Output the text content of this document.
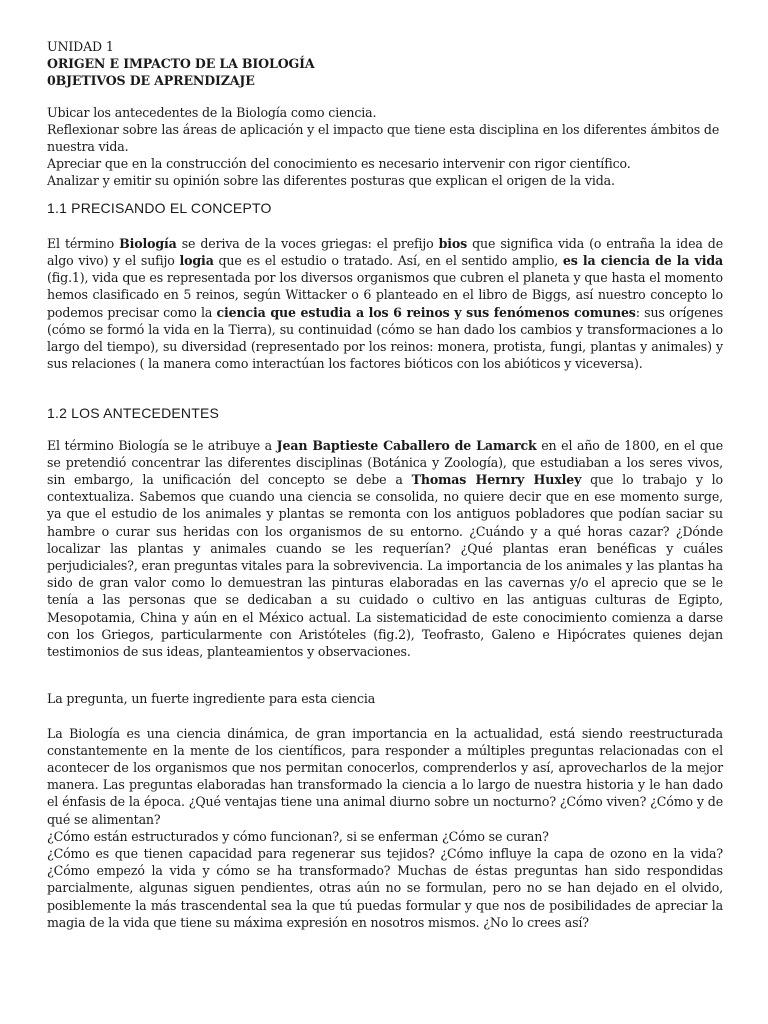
UNIDAD 1

ORIGEN E IMPACTO DE LA BIOLOGÍA

0BJETIVOS DE APRENDIZAJE

Ubicar los antecedentes de la Biología como ciencia.

Reflexionar sobre las áreas de aplicación y el impacto que tiene esta disciplina en los diferentes ámbitos de nuestra vida.

Apreciar que en la construcción del conocimiento es necesario intervenir con rigor científico.

Analizar y emitir su opinión sobre las diferentes posturas que explican el origen de la vida.

1.1 PRECISANDO EL CONCEPTO

El término Biología se deriva de la voces griegas: el prefijo bios que significa vida (o entraña la idea de algo vivo) y el sufijo logia que es el estudio o tratado. Así, en el sentido amplio, es la ciencia de la vida (fig.1), vida que es representada por los diversos organismos que cubren el planeta y que hasta el momento hemos clasificado en 5 reinos, según Wittacker o 6 planteado en el libro de Biggs, así nuestro concepto lo podemos precisar como la ciencia que estudia a los 6 reinos y sus fenómenos comunes: sus orígenes (cómo se formó la vida en la Tierra), su continuidad (cómo se han dado los cambios y transformaciones a lo largo del tiempo), su diversidad (representado por los reinos: monera, protista, fungi, plantas y animales) y sus relaciones ( la manera como interactúan los factores bióticos con los abióticos y viceversa).

1.2 LOS ANTECEDENTES

El término Biología se le atribuye a Jean Baptieste Caballero de Lamarck en el año de 1800, en el que se pretendió concentrar las diferentes disciplinas (Botánica y Zoología), que estudiaban a los seres vivos, sin embargo, la unificación del concepto se debe a Thomas Hernry Huxley que lo trabajo y lo contextualiza. Sabemos que cuando una ciencia se consolida, no quiere decir que en ese momento surge, ya que el estudio de los animales y plantas se remonta con los antiguos pobladores que podían saciar su hambre o curar sus heridas con los organismos de su entorno. ¿Cuándo y a qué horas cazar? ¿Dónde localizar las plantas y animales cuando se les requerían? ¿Qué plantas eran benéficas y cuáles perjudiciales?, eran preguntas vitales para la sobrevivencia. La importancia de los animales y las plantas ha sido de gran valor como lo demuestran las pinturas elaboradas en las cavernas y/o el aprecio que se le tenía a las personas que se dedicaban a su cuidado o cultivo en las antiguas culturas de Egipto, Mesopotamia, China y aún en el México actual. La sistematicidad de este conocimiento comienza a darse con los Griegos, particularmente con Aristóteles (fig.2), Teofrasto, Galeno e Hipócrates quienes dejan testimonios de sus ideas, planteamientos y observaciones.

La pregunta, un fuerte ingrediente para esta ciencia

La Biología es una ciencia dinámica, de gran importancia en la actualidad, está siendo reestructurada constantemente en la mente de los científicos, para responder a múltiples preguntas relacionadas con el acontecer de los organismos que nos permitan conocerlos, comprenderlos y así, aprovecharlos de la mejor manera. Las preguntas elaboradas han transformado la ciencia a lo largo de nuestra historia y le han dado el énfasis de la época. ¿Qué ventajas tiene una animal diurno sobre un nocturno? ¿Cómo viven? ¿Cómo y de qué se alimentan?

¿Cómo están estructurados y cómo funcionan?, si se enferman ¿Cómo se curan?

¿Cómo es que tienen capacidad para regenerar sus tejidos? ¿Cómo influye la capa de ozono en la vida? ¿Cómo empezó la vida y cómo se ha transformado? Muchas de éstas preguntas han sido respondidas parcialmente, algunas siguen pendientes, otras aún no se formulan, pero no se han dejado en el olvido, posiblemente la más trascendental sea la que tú puedas formular y que nos de posibilidades de apreciar la magia de la vida que tiene su máxima expresión en nosotros mismos. ¿No lo crees así?
